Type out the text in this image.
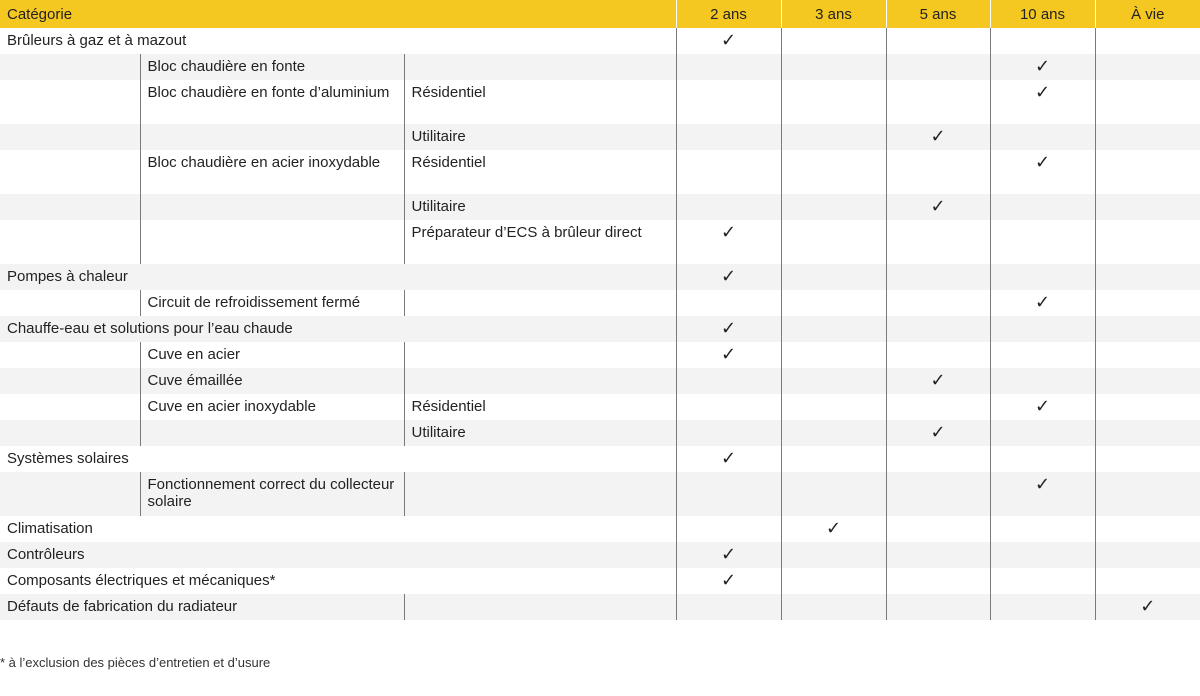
Catégorie			2 ans	3 ans	5 ans	10 ans	À vie
Brûleurs à gaz et à mazout			✓				
	Bloc chaudière en fonte					✓	
	Bloc chaudière en fonte d’aluminium	Résidentiel				✓	
		Utilitaire			✓		
	Bloc chaudière en acier inoxydable	Résidentiel				✓	
		Utilitaire			✓		
		Préparateur d’ECS à brûleur direct	✓				
Pompes à chaleur			✓				
	Circuit de refroidissement fermé					✓	
Chauffe-eau et solutions pour l’eau chaude			✓				
	Cuve en acier		✓				
	Cuve émaillée				✓		
	Cuve en acier inoxydable	Résidentiel				✓	
		Utilitaire			✓		
Systèmes solaires			✓				
	Fonctionnement correct du collecteur solaire					✓	
Climatisation				✓			
Contrôleurs			✓				
Composants électriques et mécaniques*			✓				
Défauts de fabrication du radiateur							✓
* à l’exclusion des pièces d’entretien et d’usure
